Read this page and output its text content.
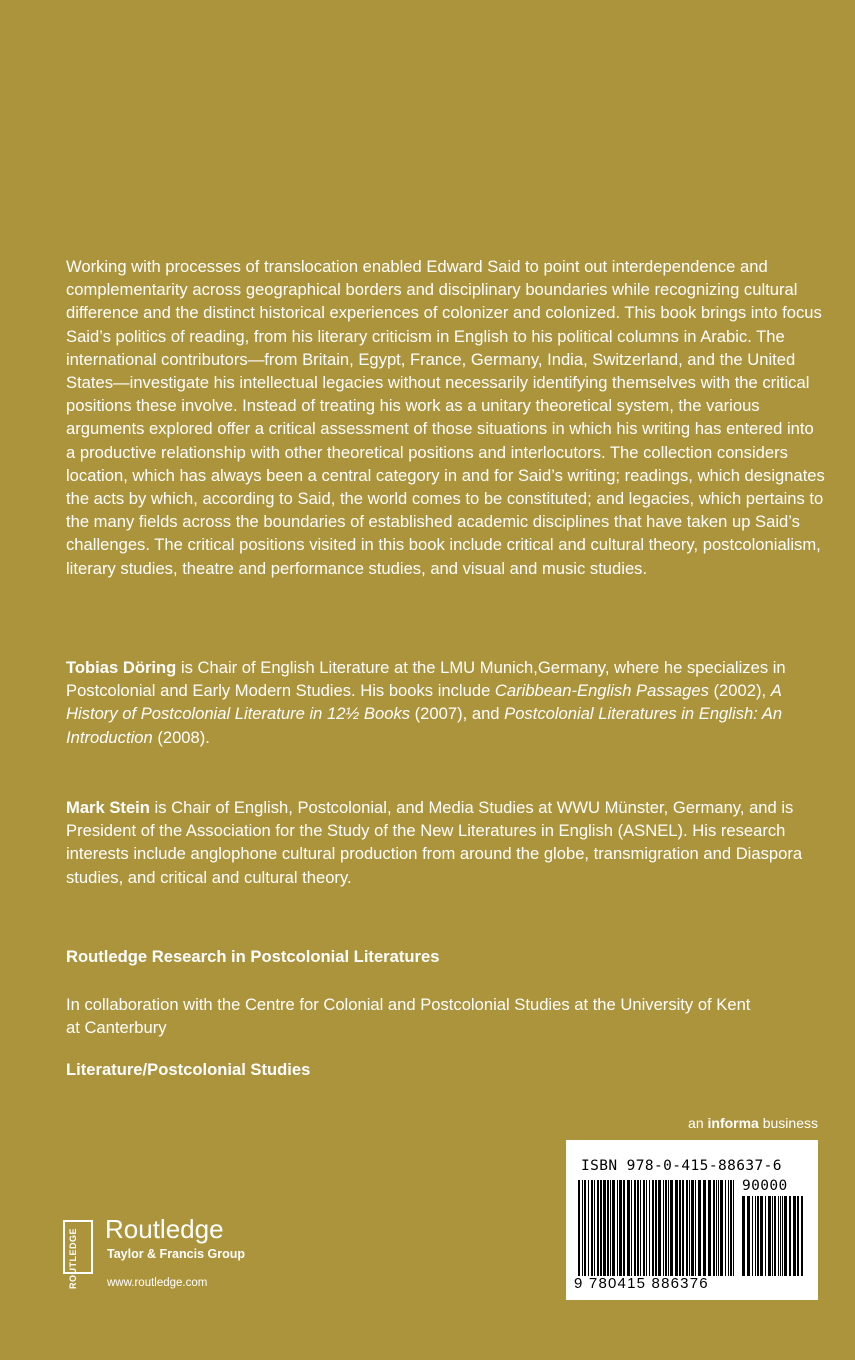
Working with processes of translocation enabled Edward Said to point out interdependence and complementarity across geographical borders and disciplinary boundaries while recognizing cultural difference and the distinct historical experiences of colonizer and colonized. This book brings into focus Said’s politics of reading, from his literary criticism in English to his political columns in Arabic. The international contributors—from Britain, Egypt, France, Germany, India, Switzerland, and the United States—investigate his intellectual legacies without necessarily identifying themselves with the critical positions these involve. Instead of treating his work as a unitary theoretical system, the various arguments explored offer a critical assessment of those situations in which his writing has entered into a productive relationship with other theoretical positions and interlocutors. The collection considers location, which has always been a central category in and for Said’s writing; readings, which designates the acts by which, according to Said, the world comes to be constituted; and legacies, which pertains to the many fields across the boundaries of established academic disciplines that have taken up Said’s challenges. The critical positions visited in this book include critical and cultural theory, postcolonialism, literary studies, theatre and performance studies, and visual and music studies.

Tobias Döring is Chair of English Literature at the LMU Munich,Germany, where he specializes in Postcolonial and Early Modern Studies. His books include Caribbean-English Passages (2002), A History of Postcolonial Literature in 12½ Books (2007), and Postcolonial Literatures in English: An Introduction (2008).

Mark Stein is Chair of English, Postcolonial, and Media Studies at WWU Münster, Germany, and is President of the Association for the Study of the New Literatures in English (ASNEL). His research interests include anglophone cultural production from around the globe, transmigration and Diaspora studies, and critical and cultural theory.

Routledge Research in Postcolonial Literatures

In collaboration with the Centre for Colonial and Postcolonial Studies at the University of Kent at Canterbury

Literature/Postcolonial Studies

an informa business
ROUTLEDGE Routledge
Taylor & Francis Group
www.routledge.com
ISBN 978-0-415-88637-6
90000
9 780415 886376
